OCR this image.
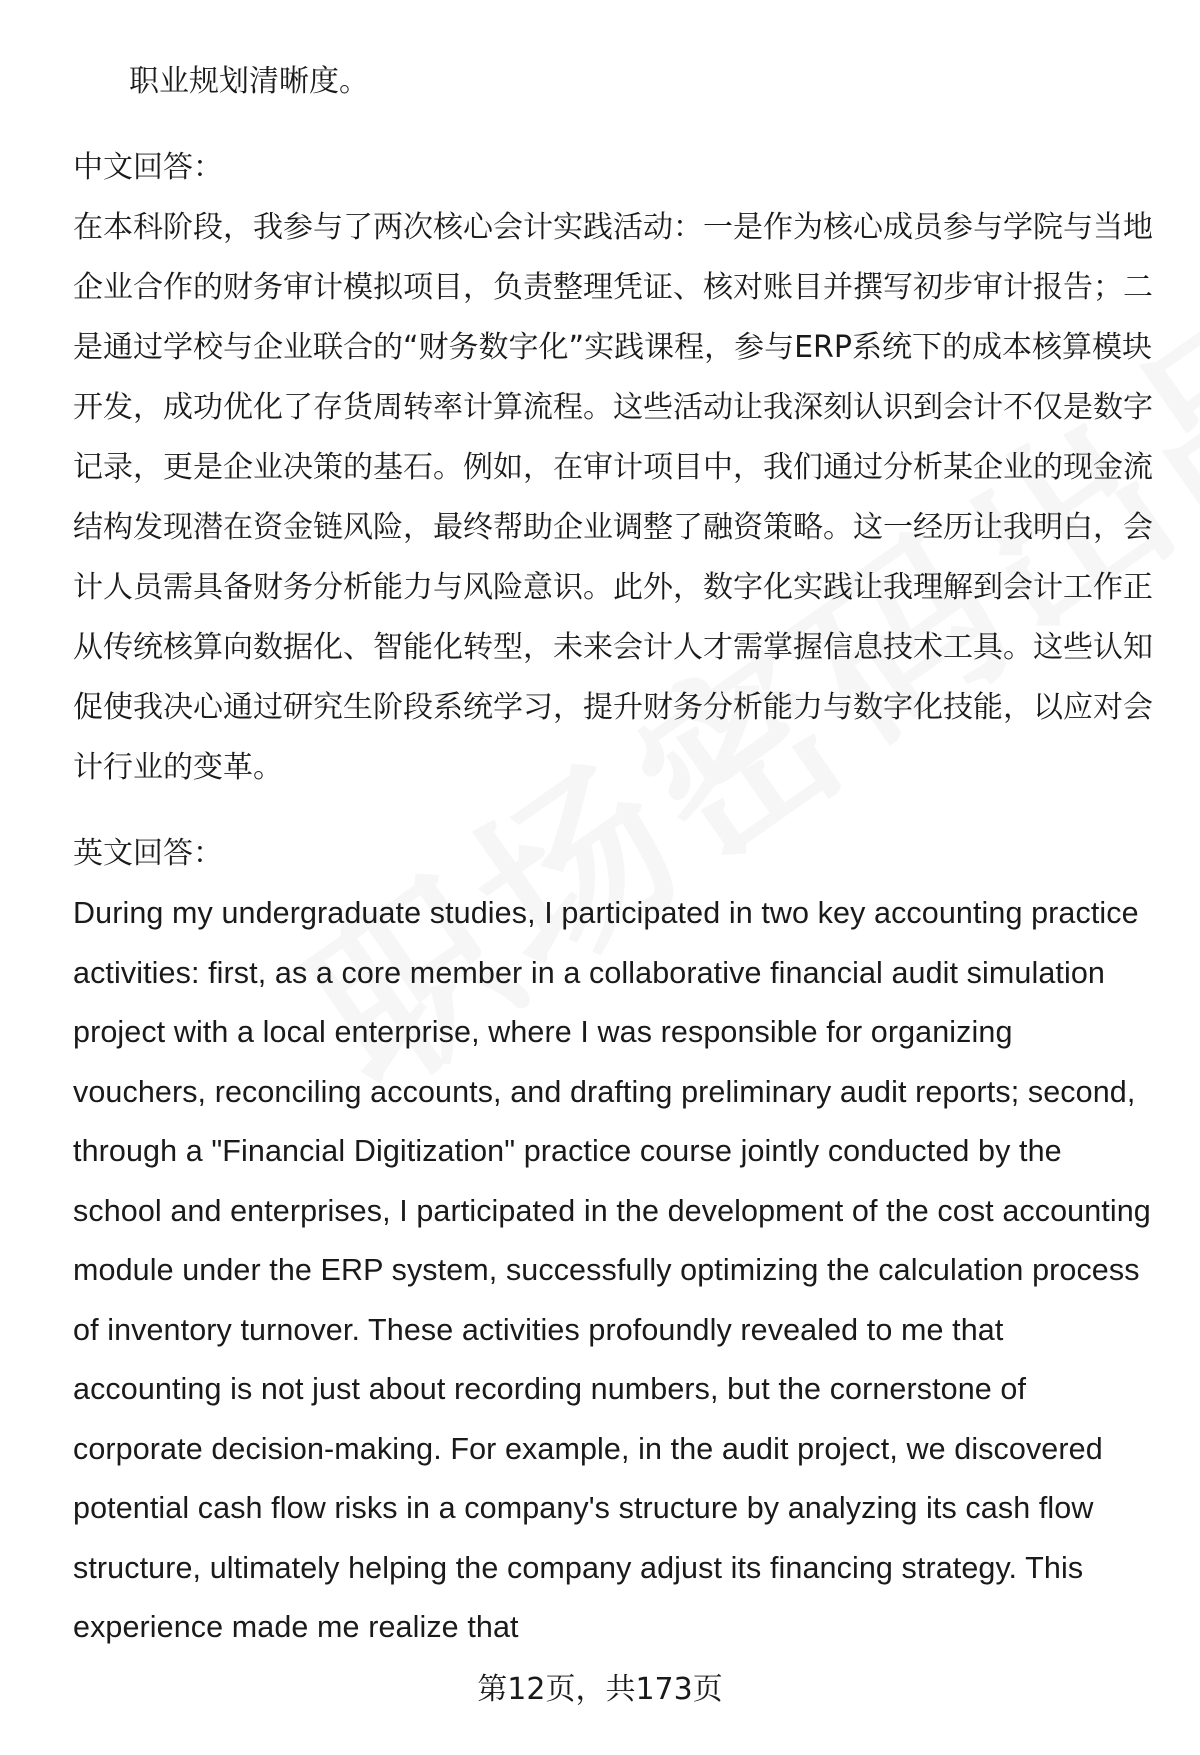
职业规划清晰度。

中文回答：

在本科阶段，我参与了两次核心会计实践活动：一是作为核心成员参与学院与当地企业合作的财务审计模拟项目，负责整理凭证、核对账目并撰写初步审计报告；二是通过学校与企业联合的“财务数字化”实践课程，参与ERP系统下的成本核算模块开发，成功优化了存货周转率计算流程。这些活动让我深刻认识到会计不仅是数字记录，更是企业决策的基石。例如，在审计项目中，我们通过分析某企业的现金流结构发现潜在资金链风险，最终帮助企业调整了融资策略。这一经历让我明白，会计人员需具备财务分析能力与风险意识。此外，数字化实践让我理解到会计工作正从传统核算向数据化、智能化转型，未来会计人才需掌握信息技术工具。这些认知促使我决心通过研究生阶段系统学习，提升财务分析能力与数字化技能，以应对会计行业的变革。

英文回答：

During my undergraduate studies, I participated in two key accounting practice activities: first, as a core member in a collaborative financial audit simulation project with a local enterprise, where I was responsible for organizing vouchers, reconciling accounts, and drafting preliminary audit reports; second, through a "Financial Digitization" practice course jointly conducted by the school and enterprises, I participated in the development of the cost accounting module under the ERP system, successfully optimizing the calculation process of inventory turnover. These activities profoundly revealed to me that accounting is not just about recording numbers, but the cornerstone of corporate decision-making. For example, in the audit project, we discovered potential cash flow risks in a company's structure by analyzing its cash flow structure, ultimately helping the company adjust its financing strategy. This experience made me realize that

第12页，共173页
